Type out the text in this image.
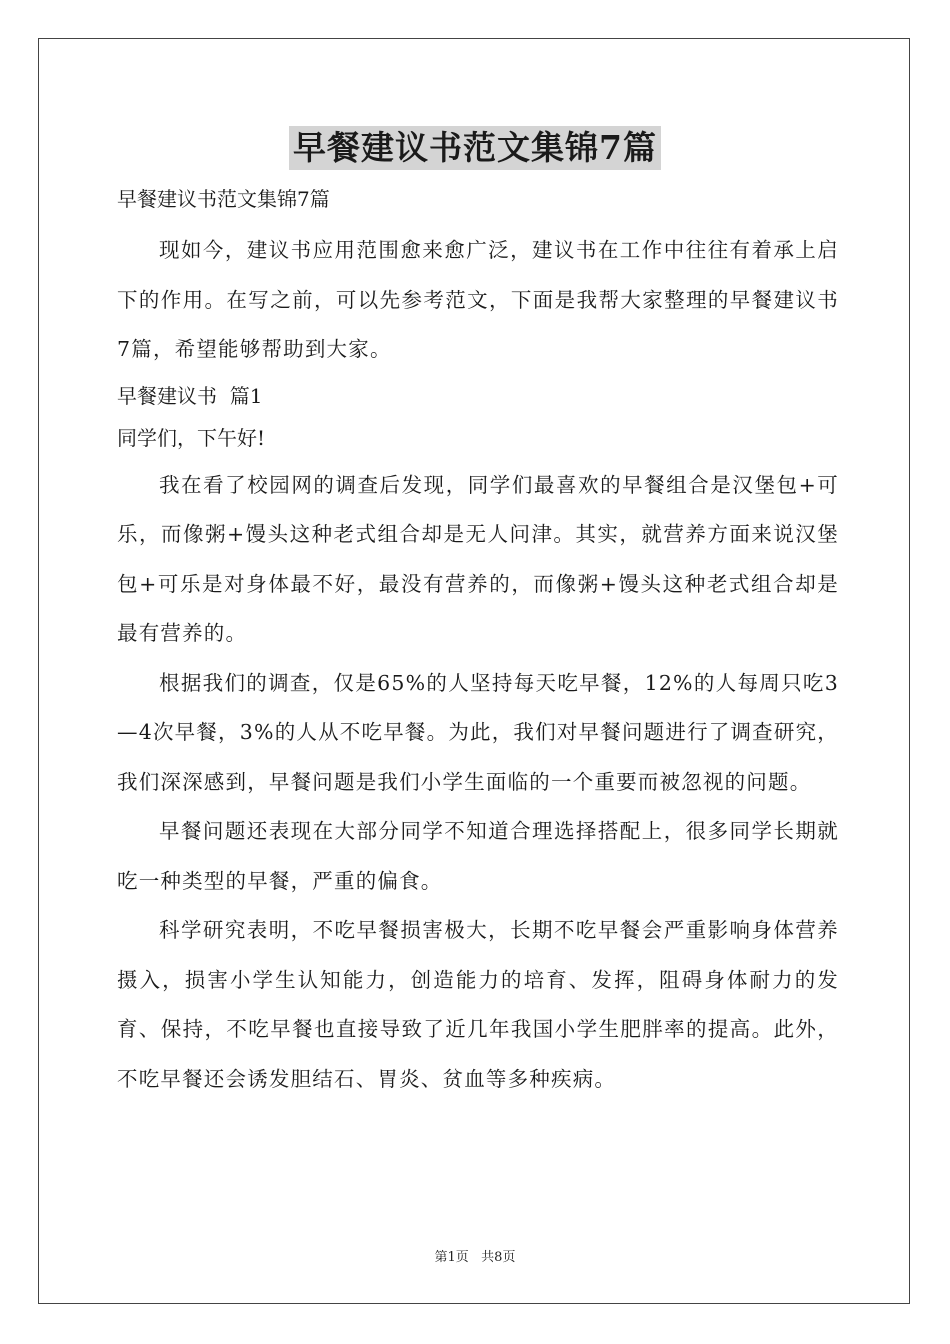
早餐建议书范文集锦7篇
早餐建议书范文集锦7篇

现如今，建议书应用范围愈来愈广泛，建议书在工作中往往有着承上启下的作用。在写之前，可以先参考范文，下面是我帮大家整理的早餐建议书7篇，希望能够帮助到大家。

早餐建议书  篇1
同学们，下午好!

我在看了校园网的调查后发现，同学们最喜欢的早餐组合是汉堡包+可乐，而像粥+馒头这种老式组合却是无人问津。其实，就营养方面来说汉堡包+可乐是对身体最不好，最没有营养的，而像粥+馒头这种老式组合却是最有营养的。

根据我们的调查，仅是65%的人坚持每天吃早餐，12%的人每周只吃3—4次早餐，3%的人从不吃早餐。为此，我们对早餐问题进行了调查研究，我们深深感到，早餐问题是我们小学生面临的一个重要而被忽视的问题。

早餐问题还表现在大部分同学不知道合理选择搭配上，很多同学长期就吃一种类型的早餐，严重的偏食。

科学研究表明，不吃早餐损害极大，长期不吃早餐会严重影响身体营养摄入，损害小学生认知能力，创造能力的培育、发挥，阻碍身体耐力的发育、保持，不吃早餐也直接导致了近几年我国小学生肥胖率的提高。此外，不吃早餐还会诱发胆结石、胃炎、贫血等多种疾病。

第1页   共8页
